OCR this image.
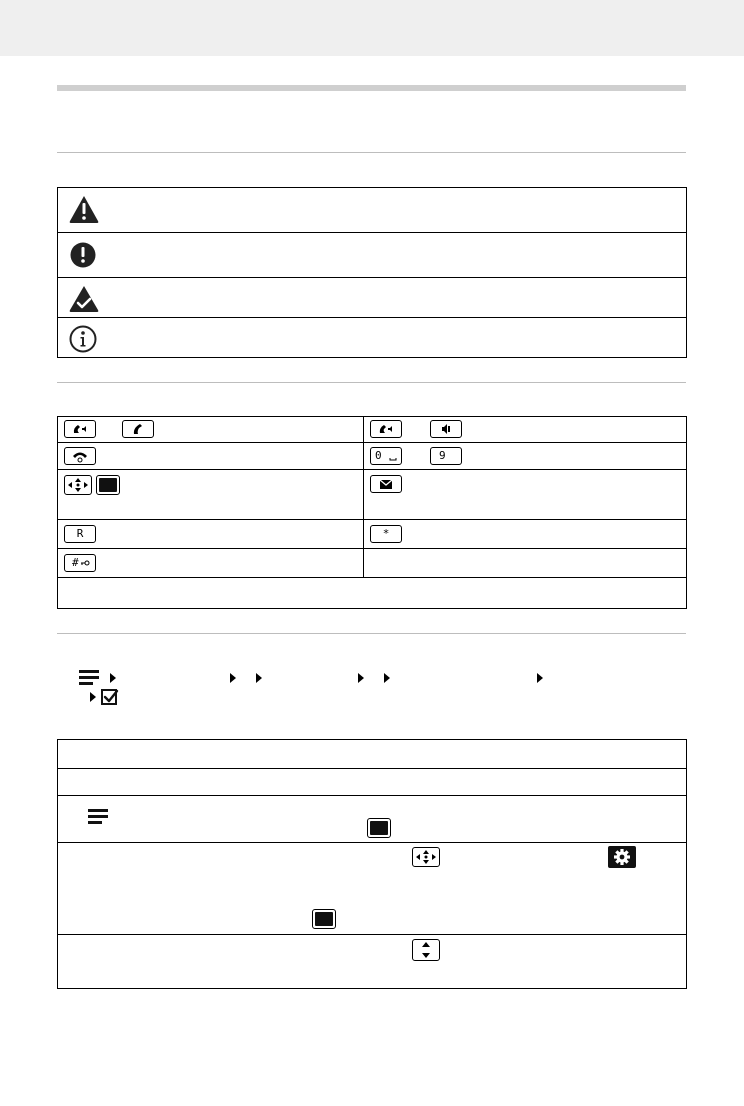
0	9
R	*
#
